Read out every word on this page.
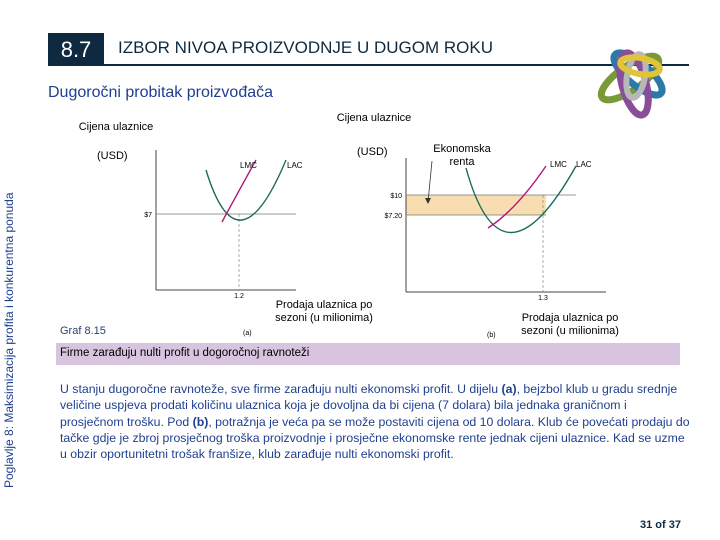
8.7	IZBOR NIVOA PROIZVODNJE U DUGOM ROKU
Dugoročni probitak proizvođača
Poglavlje 8: Maksimizacija profita i konkurentna ponuda
Cijena ulaznice
(USD)
$7
1.2
LAC
LMC
(a)
Cijena ulaznice
(USD)	Ekonomska renta
$10
$7.20
1.3
LAC
LMC
(b)
Prodaja ulaznica po sezoni (u milionima)	Prodaja ulaznica po sezoni (u milionima)
Graf 8.15
Firme zarađuju nulti profit u dogoročnoj ravnoteži
U stanju dugoročne ravnoteže, sve firme zarađuju nulti ekonomski profit. U dijelu (a), bejzbol klub u gradu srednje veličine uspjeva prodati količinu ulaznica koja je dovoljna da bi cijena (7 dolara) bila jednaka graničnom i prosječnom trošku. Pod (b), potražnja je veća pa se može postaviti cijena od 10 dolara. Klub će povećati prodaju do tačke gdje je zbroj prosječnog troška proizvodnje i prosječne ekonomske rente jednak cijeni ulaznice. Kad se uzme u obzir oportunitetni trošak franšize, klub zarađuje nulti ekonomski profit.
31 of 37
